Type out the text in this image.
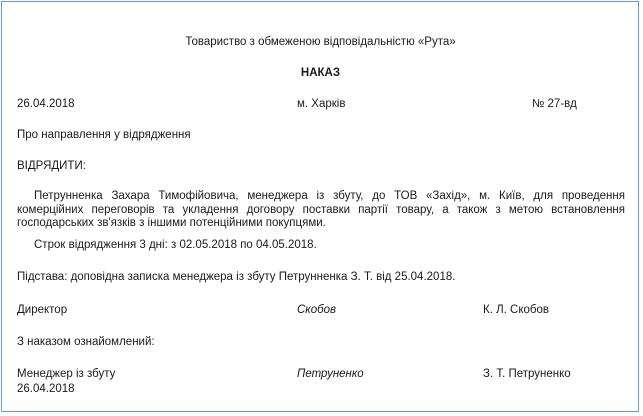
Товариство з обмеженою відповідальністю «Рута»
НАКАЗ
26.04.2018	м. Харків	№ 27-вд
Про направлення у відрядження
ВІДРЯДИТИ:
Петрунненка Захара Тимофійовича, менеджера із збуту, до ТОВ «Захід», м. Київ, для проведення комерційних переговорів та укладення договору поставки партії товару, а також з метою встановлення господарських зв'язків з іншими потенційними покупцями.
Строк відрядження 3 дні: з 02.05.2018 по 04.05.2018.
Підстава: доповідна записка менеджера із збуту Петрунненка З. Т. від 25.04.2018.
Директор	Скобов	К. Л. Скобов
З наказом ознайомлений:
Менеджер із збуту	Петруненко	З. Т. Петруненко
26.04.2018
